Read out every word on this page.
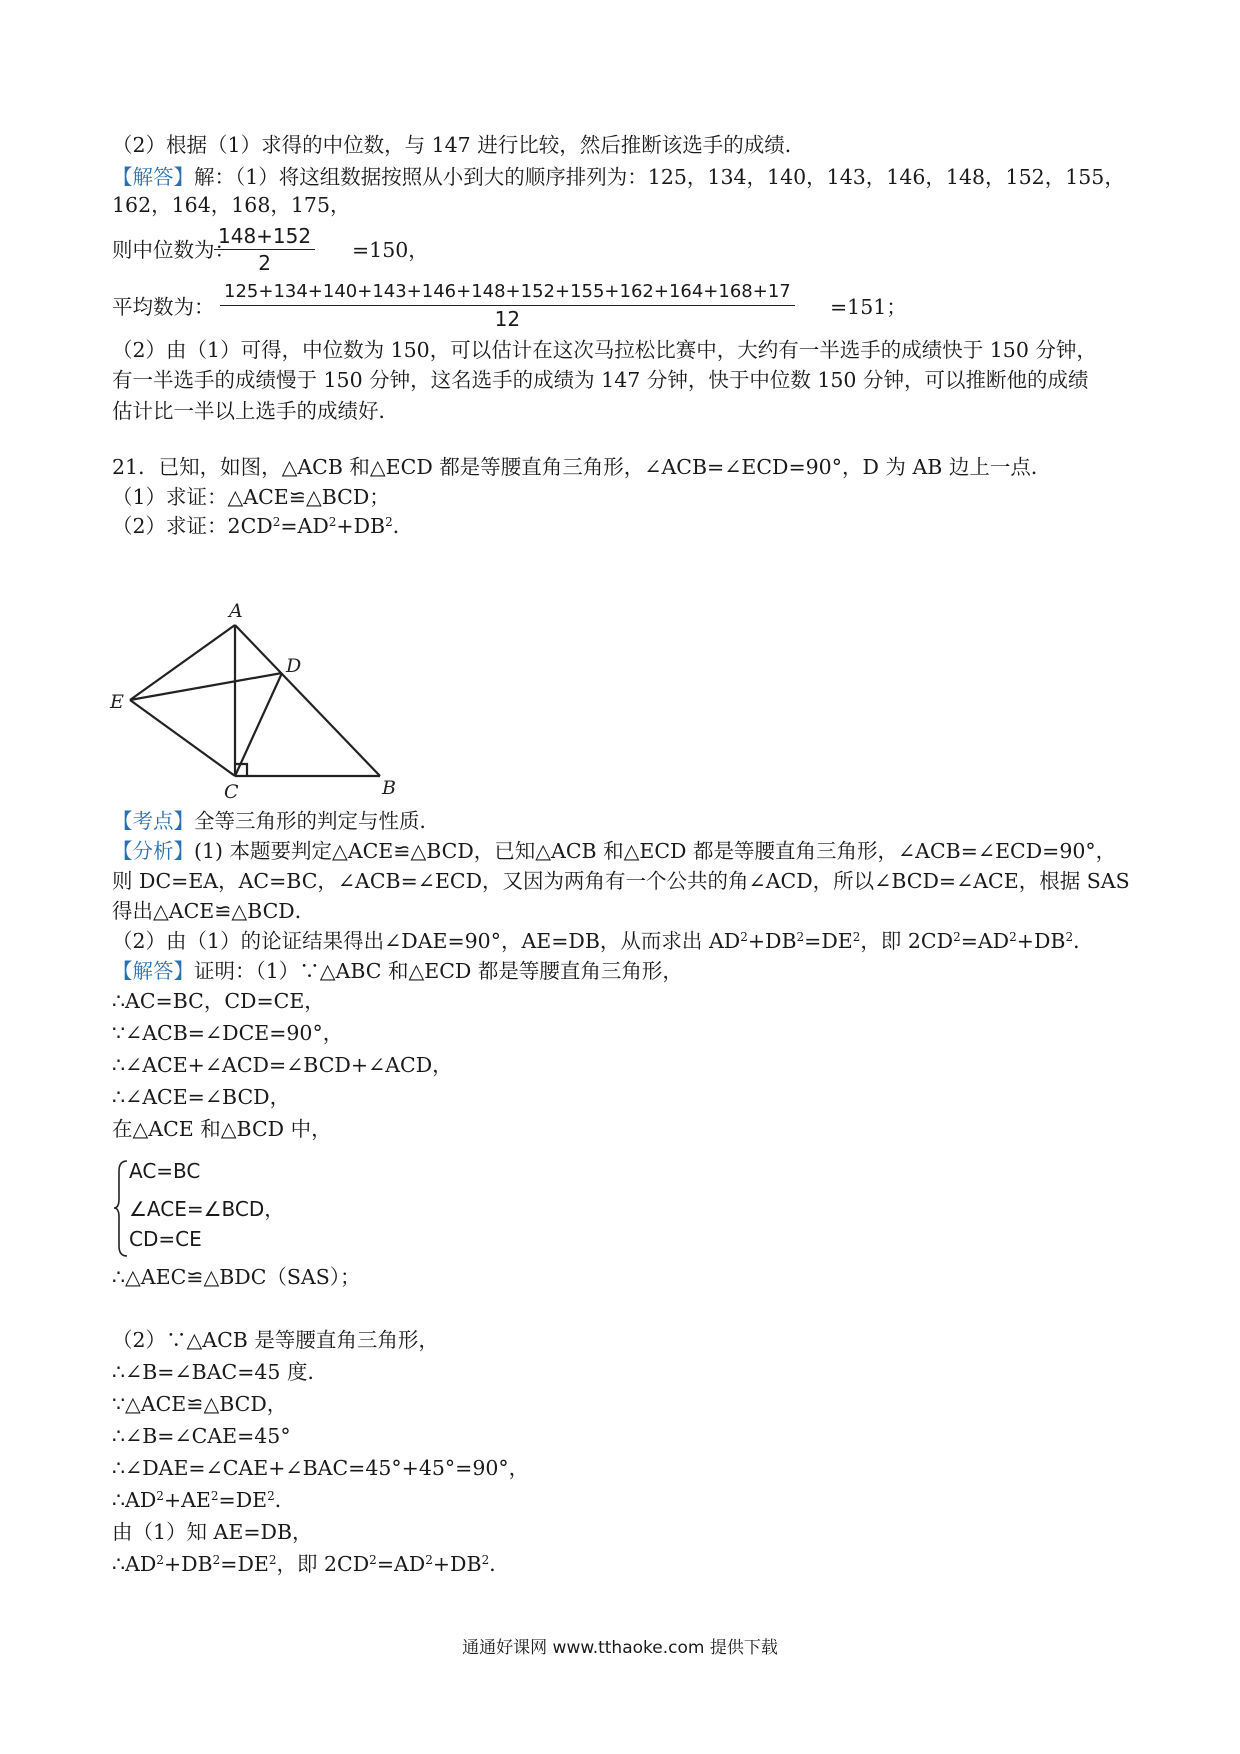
（2）根据（1）求得的中位数，与 147 进行比较，然后推断该选手的成绩．
【解答】解：（1）将这组数据按照从小到大的顺序排列为：125，134，140，143，146，148，152，155，
162，164，168，175，
则中位数为：
$\frac{148+152}{2} =150$，
平均数为： $\frac{125+134+140+143+146+148+152+155+162+164+168+17}{12} =151$；
（2）由（1）可得，中位数为 150，可以估计在这次马拉松比赛中，大约有一半选手的成绩快于 150 分钟，
有一半选手的成绩慢于 150 分钟，这名选手的成绩为 147 分钟，快于中位数 150 分钟，可以推断他的成绩
估计比一半以上选手的成绩好．
21．已知，如图，△ACB 和△ECD 都是等腰直角三角形，∠ACB=∠ECD=90°，D 为 AB 边上一点．
（1）求证：△ACE≌△BCD；
（2）求证：$2CD^2=AD^2+DB^2$．
A
D
E
C	B
【考点】全等三角形的判定与性质．
【分析】(1) 本题要判定△ACE≌△BCD，已知△ACB 和△ECD 都是等腰直角三角形，∠ACB=∠ECD=90°，
则 DC=EA，AC=BC，∠ACB=∠ECD，又因为两角有一个公共的角∠ACD，所以∠BCD=∠ACE，根据 SAS
得出△ACE≌△BCD．
（2）由（1）的论证结果得出∠DAE=90°，AE=DB，从而求出 $AD^2+DB^2=DE^2$，即 $2CD^2=AD^2+DB^2$．
【解答】证明：（1）∵△ABC 和△ECD 都是等腰直角三角形，
∴AC=BC，CD=CE，
∵∠ACB=∠DCE=90°，
∴∠ACE+∠ACD=∠BCD+∠ACD，
∴∠ACE=∠BCD，
在△ACE 和△BCD 中，
AC=BC
∠ACE=∠BCD，
CD=CE
∴△AEC≌△BDC（SAS）；
（2）∵△ACB 是等腰直角三角形，
∴∠B=∠BAC=45 度．
∵△ACE≌△BCD，
∴∠B=∠CAE=45°
∴∠DAE=∠CAE+∠BAC=45°+45°=90°，
$\therefore AD^2+AE^2=DE^2$．
由（1）知 AE=DB，
$\therefore AD^2+DB^2=DE^2$，即 $2CD^2=AD^2+DB^2$．
通通好课网 www.tthaoke.com 提供下载
